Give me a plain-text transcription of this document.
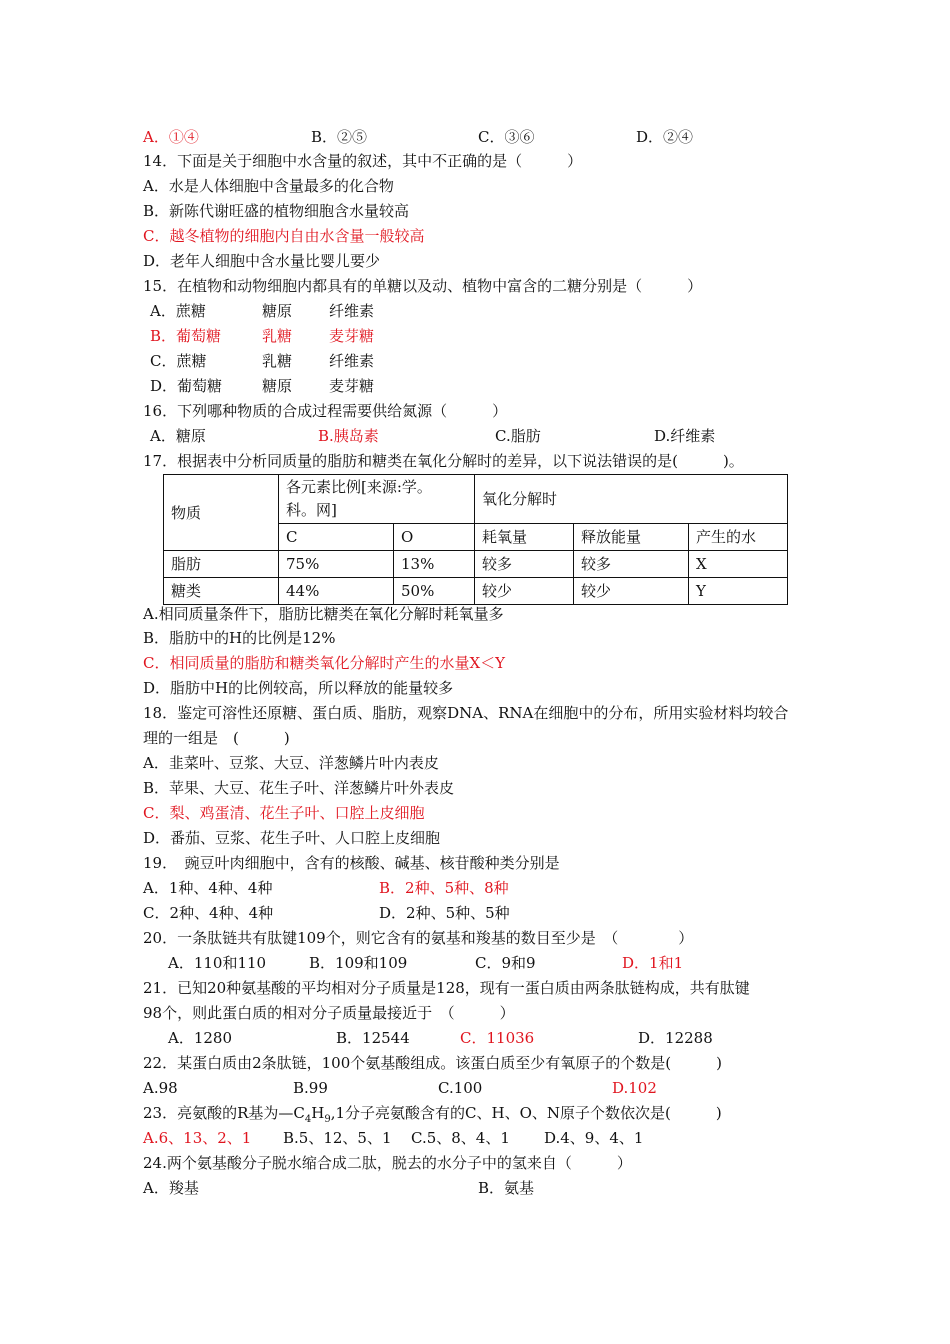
A．①④	B．②⑤	C．③⑥	D．②④
14．下面是关于细胞中水含量的叙述，其中不正确的是（　　　）
A．水是人体细胞中含量最多的化合物
B．新陈代谢旺盛的植物细胞含水量较高
C．越冬植物的细胞内自由水含量一般较高
D．老年人细胞中含水量比婴儿要少
15．在植物和动物细胞内都具有的单糖以及动、植物中富含的二糖分别是（　　　）
A．蔗糖	糖原 纤维素
B．葡萄糖	乳糖 麦芽糖
C．蔗糖	乳糖 纤维素
D．葡萄糖	糖原 麦芽糖
16．下列哪种物质的合成过程需要供给氮源（　　　）
A．糖原	B.胰岛素	C.脂肪	D.纤维素
17．根据表中分析同质量的脂肪和糖类在氧化分解时的差异，以下说法错误的是(　　　)。
物质	各元素比例[来源:学。
科。网]		氧化分解时		
	C	O	耗氧量	释放能量	产生的水
脂肪	75%	13%	较多	较多	X
糖类	44%	50%	较少	较少	Y
A.相同质量条件下，脂肪比糖类在氧化分解时耗氧量多
B．脂肪中的H的比例是12%
C．相同质量的脂肪和糖类氧化分解时产生的水量X＜Y
D．脂肪中H的比例较高，所以释放的能量较多
18．鉴定可溶性还原糖、蛋白质、脂肪，观察DNA、RNA在细胞中的分布，所用实验材料均较合
理的一组是　(　　　)
A．韭菜叶、豆浆、大豆、洋葱鳞片叶内表皮
B．苹果、大豆、花生子叶、洋葱鳞片叶外表皮
C．梨、鸡蛋清、花生子叶、口腔上皮细胞
D．番茄、豆浆、花生子叶、人口腔上皮细胞
19．　豌豆叶肉细胞中，含有的核酸、碱基、核苷酸种类分别是
A．1种、4种、4种	B．2种、5种、8种
C．2种、4种、4种	D．2种、5种、5种
20．一条肽链共有肽键109个，则它含有的氨基和羧基的数目至少是　（　　　　）
A．110和110	B．109和109	C．9和9	D．1和1
21．已知20种氨基酸的平均相对分子质量是128，现有一蛋白质由两条肽链构成，共有肽键
98个，则此蛋白质的相对分子质量最接近于　（　　　）
A．1280	B．12544	C．11036	D．12288
22．某蛋白质由2条肽链，100个氨基酸组成。该蛋白质至少有氧原子的个数是(　　　)
A.98	B.99	C.100	D.102
23．亮氨酸的R基为$—C_4H_9,1$分子亮氨酸含有的C、H、O、N原子个数依次是(　　　)
A.6、13、2、1 B.5、12、5、1 C.5、8、4、1 D.4、9、4、1
24.两个氨基酸分子脱水缩合成二肽，脱去的水分子中的氢来自（　　　）
A．羧基	B．氨基
